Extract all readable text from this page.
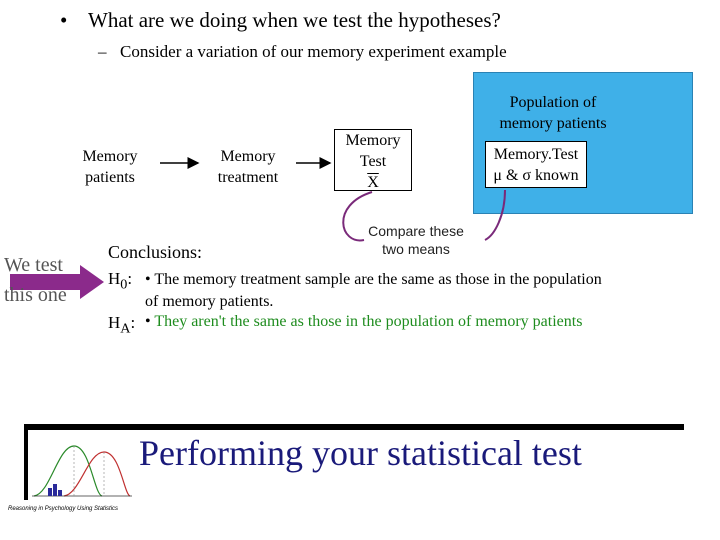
• What are we doing when we test the hypotheses?
– Consider a variation of our memory experiment example
Population of
memory patients
Memory.Test
μ & σ known
Memory patients
Memory treatment
Memory
Test
$\overline{X}$
Compare these
two means
We test
this one
Conclusions:
$H_0$: • The memory treatment sample are the same as those in the population of memory patients.
$H_A$: • They aren't the same as those in the population of memory patients
Performing your statistical test
Reasoning in Psychology Using Statistics
